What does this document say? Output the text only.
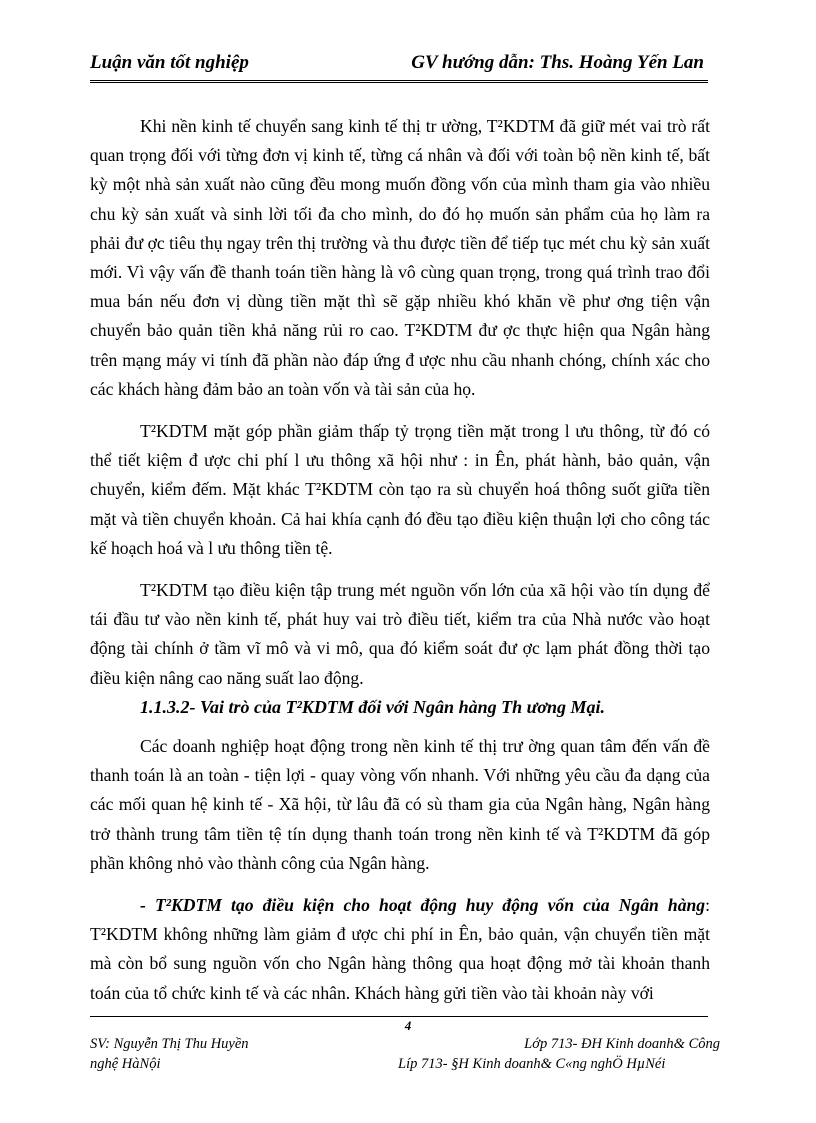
Luận văn tốt nghiệp	GV hướng dẫn: Ths. Hoàng Yến Lan

Khi nền kinh tế chuyển sang kinh tế thị tr ường, T²KDTM đã giữ mét vai trò rất quan trọng đối với từng đơn vị kinh tế, từng cá nhân và đối với toàn bộ nền kinh tế, bất kỳ một nhà sản xuất nào cũng đều mong muốn đồng vốn của mình tham gia vào nhiều chu kỳ sản xuất và sinh lời tối đa cho mình, do đó họ muốn sản phẩm của họ làm ra phải đư ợc tiêu thụ ngay trên thị trường và thu được tiền để tiếp tục mét chu kỳ sản xuất mới. Vì vậy vấn đề thanh toán tiền hàng là vô cùng quan trọng, trong quá trình trao đổi mua bán nếu đơn vị dùng tiền mặt thì sẽ gặp nhiều khó khăn về phư ơng tiện vận chuyển bảo quản tiền khả năng rủi ro cao. T²KDTM đư ợc thực hiện qua Ngân hàng trên mạng máy vi tính đã phần nào đáp ứng đ ược nhu cầu nhanh chóng, chính xác cho các khách hàng đảm bảo an toàn vốn và tài sản của họ.

T²KDTM mặt góp phần giảm thấp tỷ trọng tiền mặt trong l ưu thông, từ đó có thể tiết kiệm đ ược chi phí l ưu thông xã hội như : in Ên, phát hành, bảo quản, vận chuyển, kiểm đếm. Mặt khác T²KDTM còn tạo ra sù chuyển hoá thông suốt giữa tiền mặt và tiền chuyển khoản. Cả hai khía cạnh đó đều tạo điều kiện thuận lợi cho công tác kế hoạch hoá và l ưu thông tiền tệ.

T²KDTM tạo điều kiện tập trung mét nguồn vốn lớn của xã hội vào tín dụng để tái đầu tư vào nền kinh tế, phát huy vai trò điều tiết, kiểm tra của Nhà nước vào hoạt động tài chính ở tầm vĩ mô và vi mô, qua đó kiểm soát đư ợc lạm phát đồng thời tạo điều kiện nâng cao năng suất lao động.

1.1.3.2- Vai trò của T²KDTM đối với Ngân hàng Th ương Mại.

Các doanh nghiệp hoạt động trong nền kinh tế thị trư ờng quan tâm đến vấn đề thanh toán là an toàn - tiện lợi - quay vòng vốn nhanh. Với những yêu cầu đa dạng của các mối quan hệ kinh tế - Xã hội, từ lâu đã có sù tham gia của Ngân hàng, Ngân hàng trở thành trung tâm tiền tệ tín dụng thanh toán trong nền kinh tế và T²KDTM đã góp phần không nhỏ vào thành công của Ngân hàng.

- T²KDTM tạo điều kiện cho hoạt động huy động vốn của Ngân hàng: T²KDTM không những làm giảm đ ược chi phí in Ên, bảo quản, vận chuyển tiền mặt mà còn bổ sung nguồn vốn cho Ngân hàng thông qua hoạt động mở tài khoản thanh toán của tổ chức kinh tế và các nhân. Khách hàng gửi tiền vào tài khoản này với

4
SV: Nguyễn Thị Thu Huyền	Lớp 713- ĐH Kinh doanh& Công
nghệ HàNội	Líp 713- §H Kinh doanh& C«ng nghÖ HµNéi
